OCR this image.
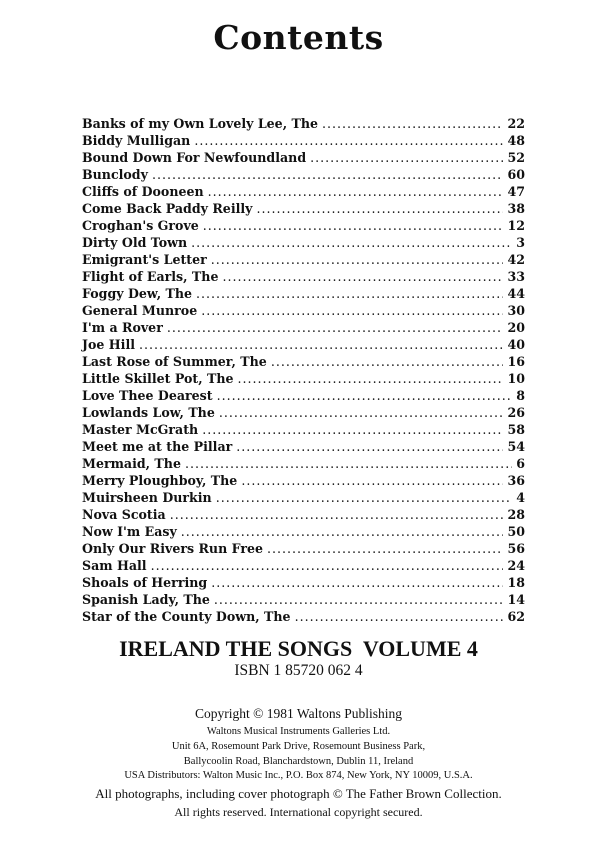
Contents
Banks of my Own Lovely Lee, The .....	22
Biddy Mulligan .....	48
Bound Down For Newfoundland .....	52
Bunclody .....	60
Cliffs of Dooneen .....	47
Come Back Paddy Reilly .....	38
Croghan's Grove .....	12
Dirty Old Town .....	3
Emigrant's Letter .....	42
Flight of Earls, The .....	33
Foggy Dew, The .....	44
General Munroe .....	30
I'm a Rover .....	20
Joe Hill .....	40
Last Rose of Summer, The .....	16
Little Skillet Pot, The .....	10
Love Thee Dearest .....	8
Lowlands Low, The .....	26
Master McGrath .....	58
Meet me at the Pillar .....	54
Mermaid, The .....	6
Merry Ploughboy, The .....	36
Muirsheen Durkin .....	4
Nova Scotia .....	28
Now I'm Easy .....	50
Only Our Rivers Run Free .....	56
Sam Hall .....	24
Shoals of Herring .....	18
Spanish Lady, The .....	14
Star of the County Down, The .....	62
IRELAND THE SONGS  VOLUME 4
ISBN 1 85720 062 4
Copyright © 1981 Waltons Publishing
Waltons Musical Instruments Galleries Ltd.
Unit 6A, Rosemount Park Drive, Rosemount Business Park,
Ballycoolin Road, Blanchardstown, Dublin 11, Ireland
USA Distributors: Walton Music Inc., P.O. Box 874, New York, NY 10009, U.S.A.
All photographs, including cover photograph © The Father Brown Collection.
All rights reserved. International copyright secured.
